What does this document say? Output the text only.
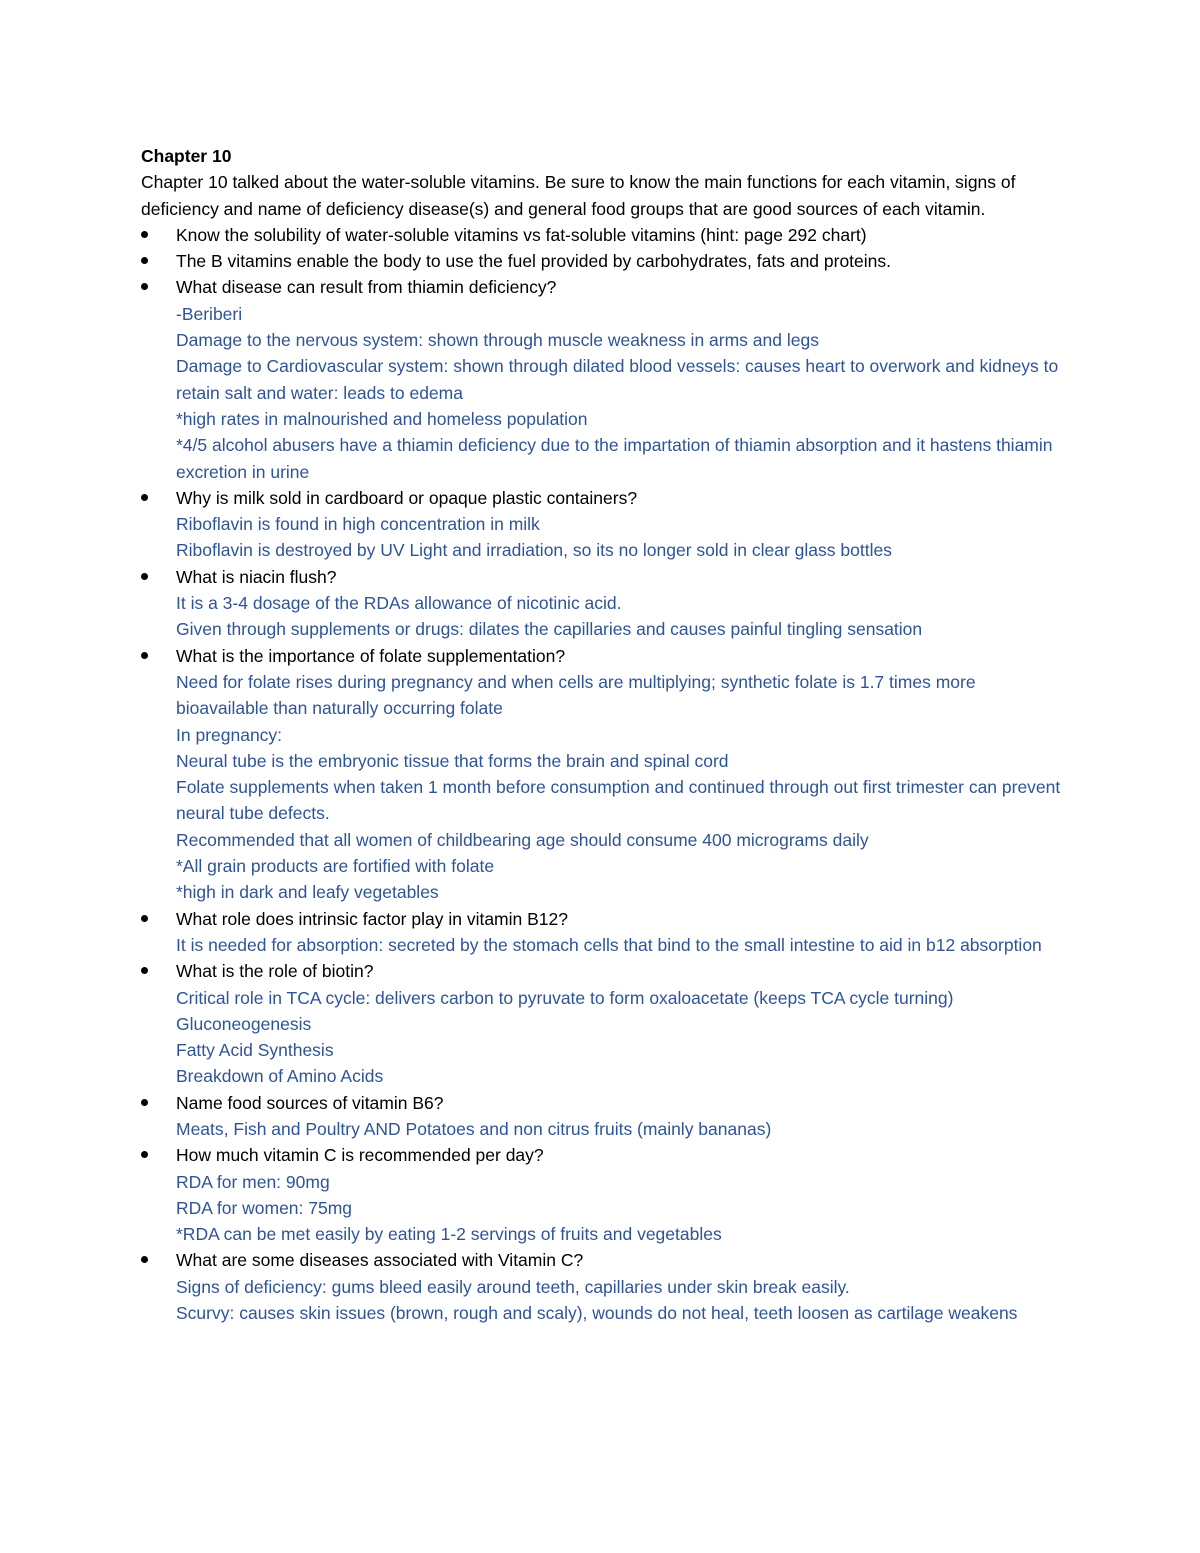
Chapter 10

Chapter 10 talked about the water-soluble vitamins. Be sure to know the main functions for each vitamin, signs of deficiency and name of deficiency disease(s) and general food groups that are good sources of each vitamin.

Know the solubility of water-soluble vitamins vs fat-soluble vitamins (hint: page 292 chart)
The B vitamins enable the body to use the fuel provided by carbohydrates, fats and proteins.
What disease can result from thiamin deficiency?
-Beriberi
Damage to the nervous system: shown through muscle weakness in arms and legs
Damage to Cardiovascular system: shown through dilated blood vessels: causes heart to overwork and kidneys to retain salt and water: leads to edema
*high rates in malnourished and homeless population
*4/5 alcohol abusers have a thiamin deficiency due to the impartation of thiamin absorption and it hastens thiamin excretion in urine
Why is milk sold in cardboard or opaque plastic containers?
Riboflavin is found in high concentration in milk
Riboflavin is destroyed by UV Light and irradiation, so its no longer sold in clear glass bottles
What is niacin flush?
It is a 3-4 dosage of the RDAs allowance of nicotinic acid.
Given through supplements or drugs: dilates the capillaries and causes painful tingling sensation
What is the importance of folate supplementation?
Need for folate rises during pregnancy and when cells are multiplying; synthetic folate is 1.7 times more bioavailable than naturally occurring folate
In pregnancy:
Neural tube is the embryonic tissue that forms the brain and spinal cord
Folate supplements when taken 1 month before consumption and continued through out first trimester can prevent neural tube defects.
Recommended that all women of childbearing age should consume 400 micrograms daily
*All grain products are fortified with folate
*high in dark and leafy vegetables
What role does intrinsic factor play in vitamin B12?
It is needed for absorption: secreted by the stomach cells that bind to the small intestine to aid in b12 absorption
What is the role of biotin?
Critical role in TCA cycle: delivers carbon to pyruvate to form oxaloacetate (keeps TCA cycle turning)
Gluconeogenesis
Fatty Acid Synthesis
Breakdown of Amino Acids
Name food sources of vitamin B6?
Meats, Fish and Poultry AND Potatoes and non citrus fruits (mainly bananas)
How much vitamin C is recommended per day?
RDA for men: 90mg
RDA for women: 75mg
*RDA can be met easily by eating 1-2 servings of fruits and vegetables
What are some diseases associated with Vitamin C?
Signs of deficiency: gums bleed easily around teeth, capillaries under skin break easily.
Scurvy: causes skin issues (brown, rough and scaly), wounds do not heal, teeth loosen as cartilage weakens
